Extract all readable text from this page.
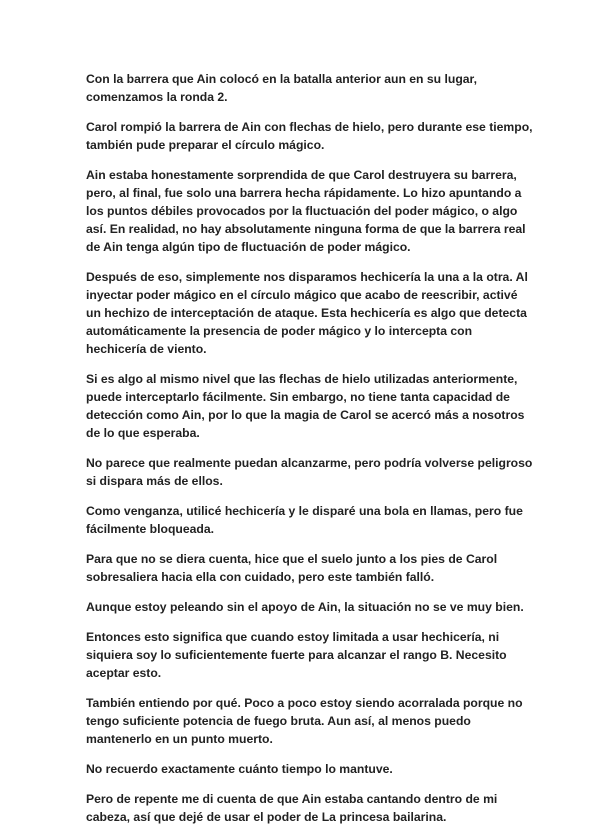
Con la barrera que Ain colocó en la batalla anterior aun en su lugar, comenzamos la ronda 2.

Carol rompió la barrera de Ain con flechas de hielo, pero durante ese tiempo, también pude preparar el círculo mágico.

Ain estaba honestamente sorprendida de que Carol destruyera su barrera, pero, al final, fue solo una barrera hecha rápidamente. Lo hizo apuntando a los puntos débiles provocados por la fluctuación del poder mágico, o algo así. En realidad, no hay absolutamente ninguna forma de que la barrera real de Ain tenga algún tipo de fluctuación de poder mágico.

Después de eso, simplemente nos disparamos hechicería la una a la otra. Al inyectar poder mágico en el círculo mágico que acabo de reescribir, activé un hechizo de interceptación de ataque. Esta hechicería es algo que detecta automáticamente la presencia de poder mágico y lo intercepta con hechicería de viento.

Si es algo al mismo nivel que las flechas de hielo utilizadas anteriormente, puede interceptarlo fácilmente. Sin embargo, no tiene tanta capacidad de detección como Ain, por lo que la magia de Carol se acercó más a nosotros de lo que esperaba.

No parece que realmente puedan alcanzarme, pero podría volverse peligroso si dispara más de ellos.

Como venganza, utilicé hechicería y le disparé una bola en llamas, pero fue fácilmente bloqueada.

Para que no se diera cuenta, hice que el suelo junto a los pies de Carol sobresaliera hacia ella con cuidado, pero este también falló.

Aunque estoy peleando sin el apoyo de Ain, la situación no se ve muy bien.

Entonces esto significa que cuando estoy limitada a usar hechicería, ni siquiera soy lo suficientemente fuerte para alcanzar el rango B. Necesito aceptar esto.

También entiendo por qué. Poco a poco estoy siendo acorralada porque no tengo suficiente potencia de fuego bruta. Aun así, al menos puedo mantenerlo en un punto muerto.

No recuerdo exactamente cuánto tiempo lo mantuve.

Pero de repente me di cuenta de que Ain estaba cantando dentro de mi cabeza, así que dejé de usar el poder de La princesa bailarina.
